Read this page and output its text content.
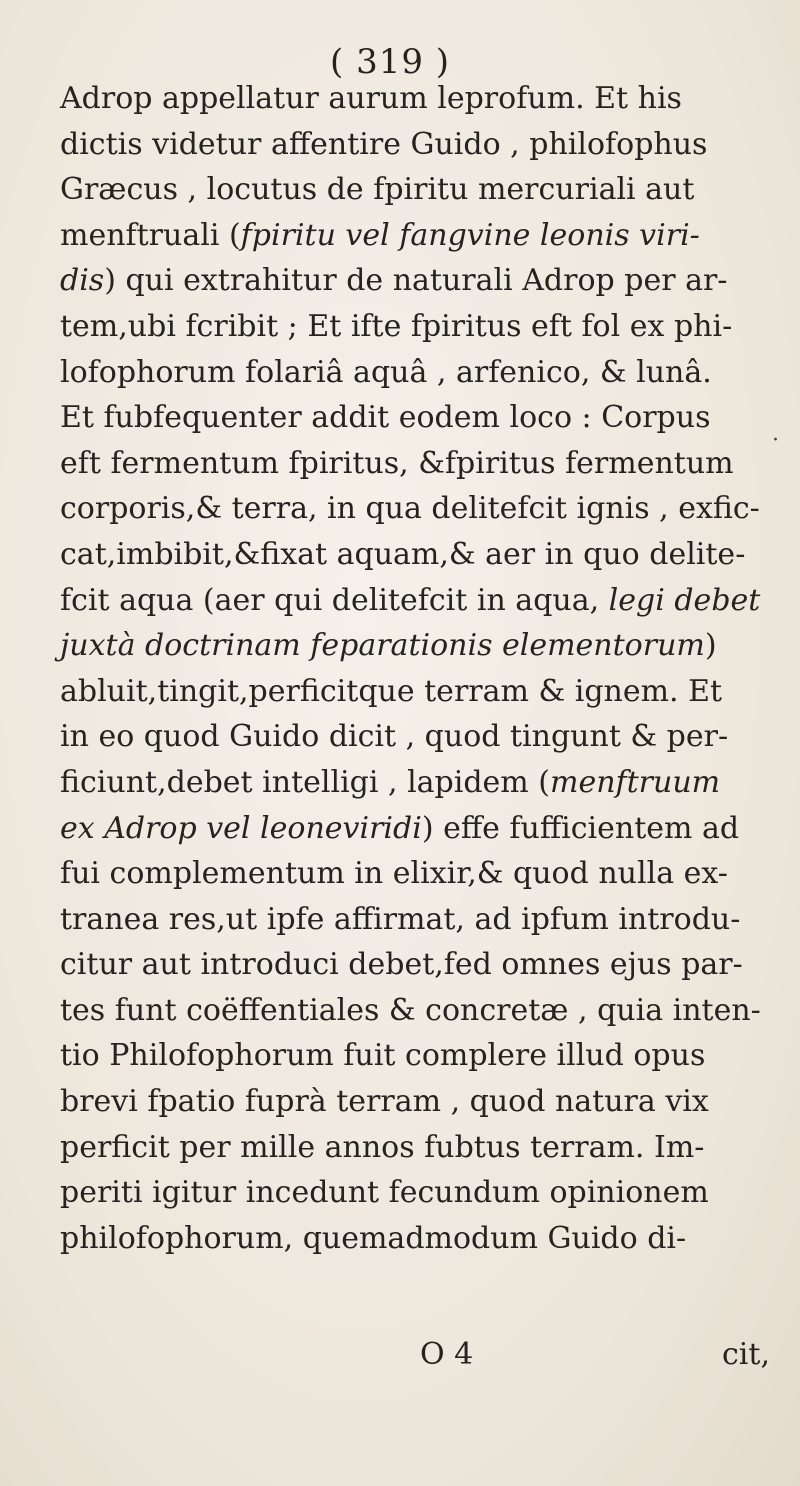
( 319 )
Adrop appellatur aurum leprofum. Et his
dictis videtur affentire Guido , philofophus
Græcus , locutus de fpiritu mercuriali aut
menftruali (fpiritu vel fangvine leonis viri-
dis) qui extrahitur de naturali Adrop per ar-
tem,ubi fcribit ; Et ifte fpiritus eft fol ex phi-
lofophorum folariâ aquâ , arfenico, & lunâ.
Et fubfequenter addit eodem loco : Corpus
eft fermentum fpiritus, &fpiritus fermentum
corporis,& terra, in qua delitefcit ignis , exfic-
cat,imbibit,&fixat aquam,& aer in quo delite-
fcit aqua (aer qui delitefcit in aqua, legi debet
juxtà doctrinam feparationis elementorum)
abluit,tingit,perficitque terram & ignem. Et
in eo quod Guido dicit , quod tingunt & per-
ficiunt,debet intelligi , lapidem (menftruum
ex Adrop vel leoneviridi) effe fufficientem ad
fui complementum in elixir,& quod nulla ex-
tranea res,ut ipfe affirmat, ad ipfum introdu-
citur aut introduci debet,fed omnes ejus par-
tes funt coëffentiales & concretæ , quia inten-
tio Philofophorum fuit complere illud opus
brevi fpatio fuprà terram , quod natura vix
perficit per mille annos fubtus terram. Im-
periti igitur incedunt fecundum opinionem
philofophorum, quemadmodum Guido di-
·
O 4	cit,
